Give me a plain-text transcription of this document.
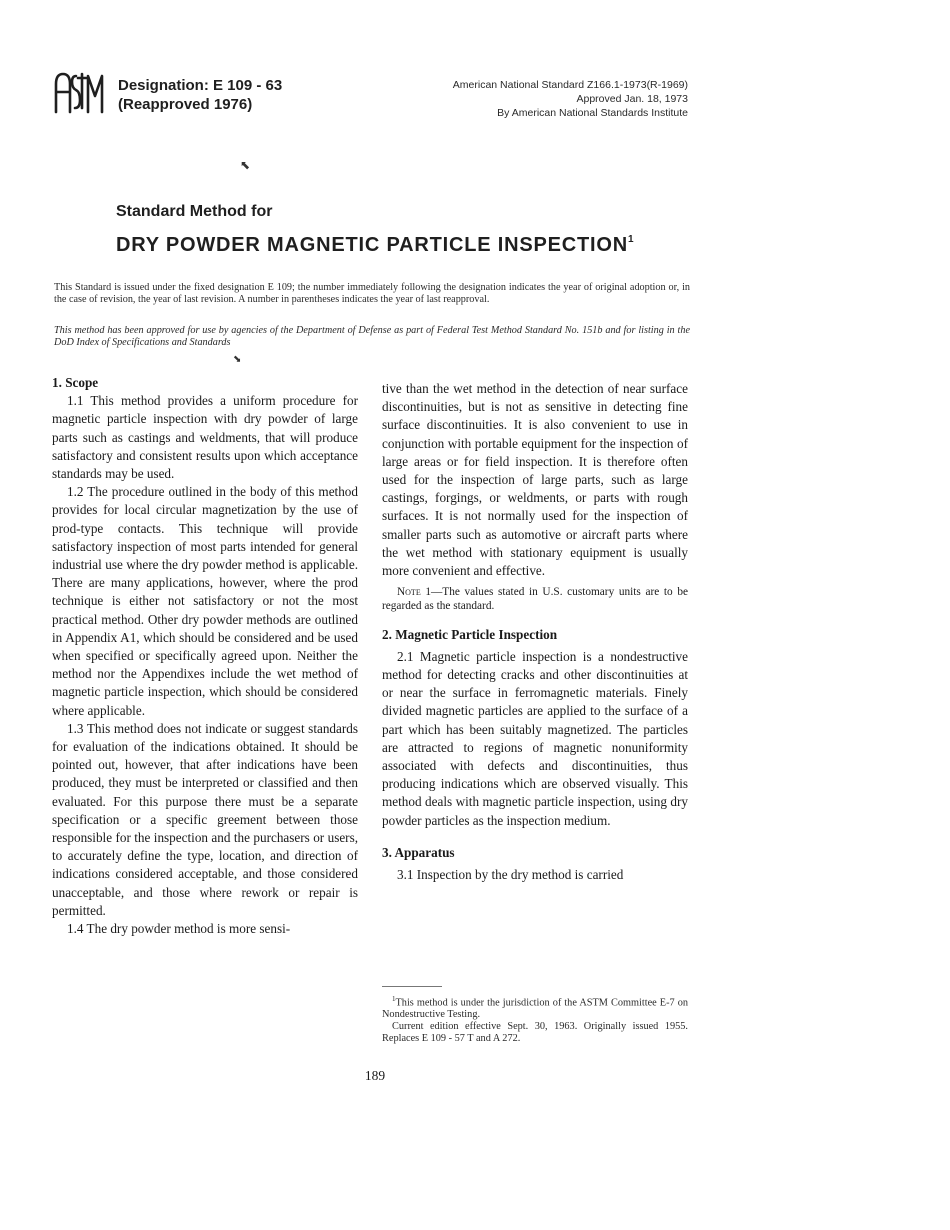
Designation: E 109 - 63
(Reapproved 1976)
American National Standard Z166.1-1973(R-1969)
Approved Jan. 18, 1973
By American National Standards Institute
⬉
Standard Method for
DRY POWDER MAGNETIC PARTICLE INSPECTION$^1$
This Standard is issued under the fixed designation E 109; the number immediately following the designation indicates the year of original adoption or, in the case of revision, the year of last revision. A number in parentheses indicates the year of last reapproval.
This method has been approved for use by agencies of the Department of Defense as part of Federal Test Method Standard No. 151b and for listing in the DoD Index of Specifications and Standards
⬊
1. Scope

1.1 This method provides a uniform procedure for magnetic particle inspection with dry powder of large parts such as castings and weldments, that will produce satisfactory and consistent results upon which acceptance standards may be used.

1.2 The procedure outlined in the body of this method provides for local circular magnetization by the use of prod-type contacts. This technique will provide satisfactory inspection of most parts intended for general industrial use where the dry powder method is applicable. There are many applications, however, where the prod technique is either not satisfactory or not the most practical method. Other dry powder methods are outlined in Appendix A1, which should be considered and be used when specified or specifically agreed upon. Neither the method nor the Appendixes include the wet method of magnetic particle inspection, which should be considered where applicable.

1.3 This method does not indicate or suggest standards for evaluation of the indications obtained. It should be pointed out, however, that after indications have been produced, they must be interpreted or classified and then evaluated. For this purpose there must be a separate specification or a specific greement between those responsible for the inspection and the purchasers or users, to accurately define the type, location, and direction of indications considered acceptable, and those considered unacceptable, and those where rework or repair is permitted.

1.4 The dry powder method is more sensi-

tive than the wet method in the detection of near surface discontinuities, but is not as sensitive in detecting fine surface discontinuities. It is also convenient to use in conjunction with portable equipment for the inspection of large areas or for field inspection. It is therefore often used for the inspection of large parts, such as large castings, forgings, or weldments, or parts with rough surfaces. It is not normally used for the inspection of smaller parts such as automotive or aircraft parts where the wet method with stationary equipment is usually more convenient and effective.

Note 1—The values stated in U.S. customary units are to be regarded as the standard.

2. Magnetic Particle Inspection

2.1 Magnetic particle inspection is a nondestructive method for detecting cracks and other discontinuities at or near the surface in ferromagnetic materials. Finely divided magnetic particles are applied to the surface of a part which has been suitably magnetized. The particles are attracted to regions of magnetic nonuniformity associated with defects and discontinuities, thus producing indications which are observed visually. This method deals with magnetic particle inspection, using dry powder particles as the inspection medium.

3. Apparatus

3.1 Inspection by the dry method is carried

$^1$This method is under the jurisdiction of the ASTM Committee E-7 on Nondestructive Testing.

Current edition effective Sept. 30, 1963. Originally issued 1955. Replaces E 109 - 57 T and A 272.

189
